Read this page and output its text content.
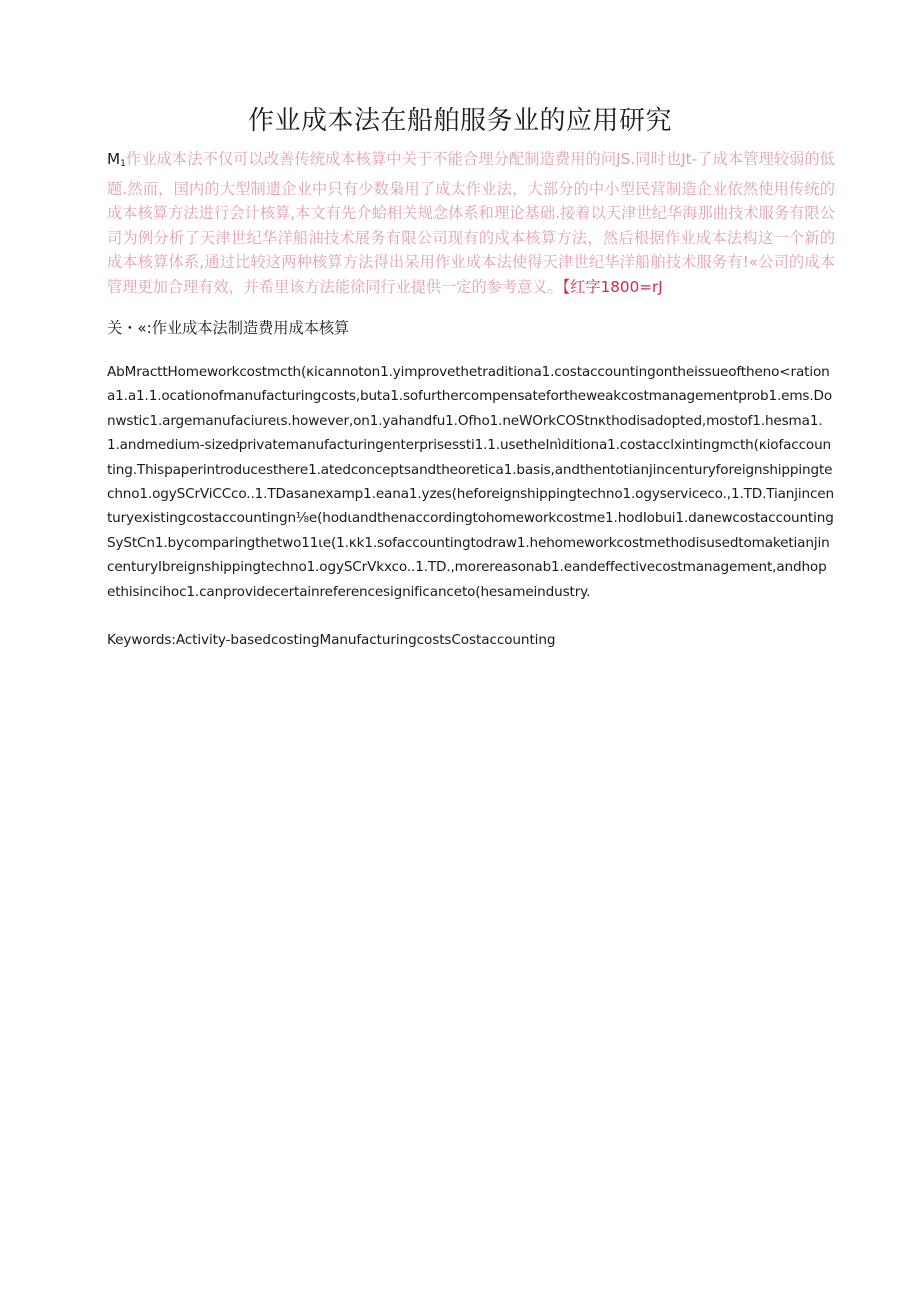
作业成本法在船舶服务业的应用研究
$M_1$作业成本法不仅可以改善传统成本核算中关于不能合理分配制造费用的问JS.同时也Jt-了成本管理较弱的低题.然而，国内的大型制遗企业中只有少数枭用了成太作业法，大部分的中小型民营制造企业依然使用传统的成本核算方法进行会计核算,本文有先介蛤相关规念体系和理论基础.接着以天津世纪华海那曲技术服务有限公司为例分析了天津世纪华洋船油技术展务有限公司现有的戍本核算方法，然后根据作业成本法构这一个新的成本核算体系,通过比较这两种核算方法得出呆用作业成本法使得天津世纪华洋船舶技术服务有!«公司的成本管理更加合理有效，并希里该方法能徐同行业提供一定的参考意义。【红字1800=rJ
关・«:作业成本法制造费用成本核算
AbMracttHomeworkcostmcth(κicannoton1.yimprovethetraditiona1.costaccountingontheissueoftheno<rationa1.a1.1.ocationofmanufacturingcosts,buta1.sofurthercompensatefortheweakcostmanagementprob1.ems.Donwstic1.argemanufaciureιs.however,on1.yahandfu1.Ofho1.neWOrkCOStnκthodisadopted,mostof1.hesma1.1.andmedium-sizedprivatemanufacturingenterprisessti1.1.usetheInìditiona1.costacclxintingmcth(κiofaccounting.Thispaperintroducesthere1.atedconceptsandtheoretica1.basis,andthentotianjincenturyforeignshippingtechno1.ogySCrViCCco..1.TDasanexamp1.eana1.yzes(heforeignshippingtechno1.ogyserviceco.,1.TD.Tianjincenturyexistingcostaccountingn⅛e(hodιandthenaccordingtohomeworkcostme1.hodIobui1.danewcostaccountingSyStCn1.bycomparingthetwo11ιe(1.κk1.sofaccountingtodraw1.hehomeworkcostmethodisusedtomaketianjincenturyIbreignshippingtechno1.ogySCrVkxco..1.TD.,morereasonab1.eandeffectivecostmanagement,andhopethisincihoc1.canprovidecertainreferencesignificanceto(hesameindustry.
Keywords:Activity-basedcostingManufacturingcostsCostaccounting
